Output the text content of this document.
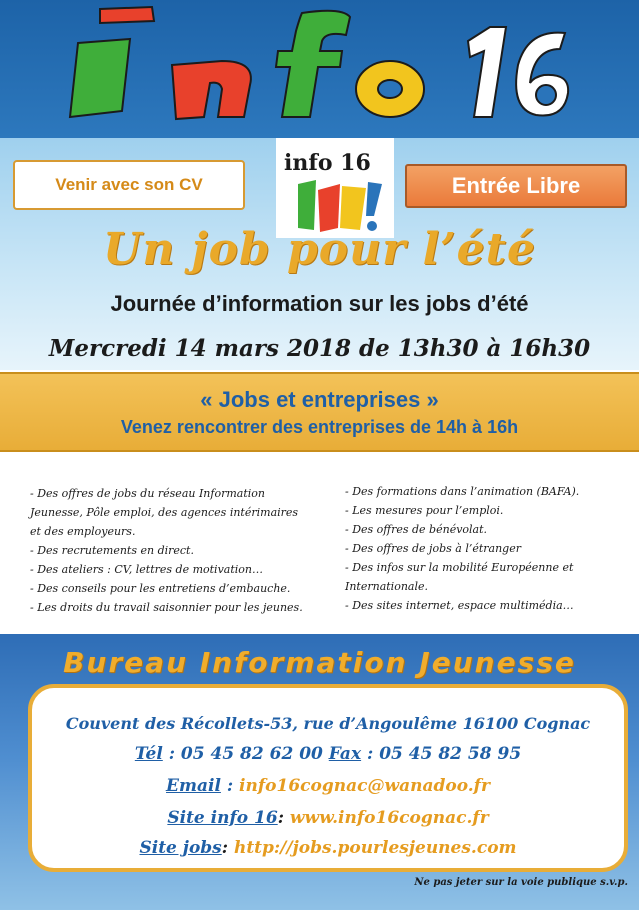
Venir avec son CV
info 16
Entrée Libre
Un job pour l’été
Journée d’information sur les jobs d’été
Mercredi 14 mars 2018 de 13h30 à 16h30
« Jobs et entreprises »
Venez rencontrer des entreprises de 14h à 16h
- Des offres de jobs du réseau Information
Jeunesse, Pôle emploi, des agences intérimaires
et des employeurs.
- Des recrutements en direct.
- Des ateliers : CV, lettres de motivation…
- Des conseils pour les entretiens d’embauche.
- Les droits du travail saisonnier pour les jeunes.
- Des formations dans l’animation (BAFA).
- Les mesures pour l’emploi.
- Des offres de bénévolat.
- Des offres de jobs à l’étranger
- Des infos sur la mobilité Européenne et
Internationale.
- Des sites internet, espace multimédia…
Bureau Information Jeunesse
Couvent des Récollets-53, rue d’Angoulême 16100 Cognac
Tél : 05 45 82 62 00 Fax : 05 45 82 58 95
Email : info16cognac@wanadoo.fr
Site info 16: www.info16cognac.fr
Site jobs: http://jobs.pourlesjeunes.com
Ne pas jeter sur la voie publique s.v.p.
